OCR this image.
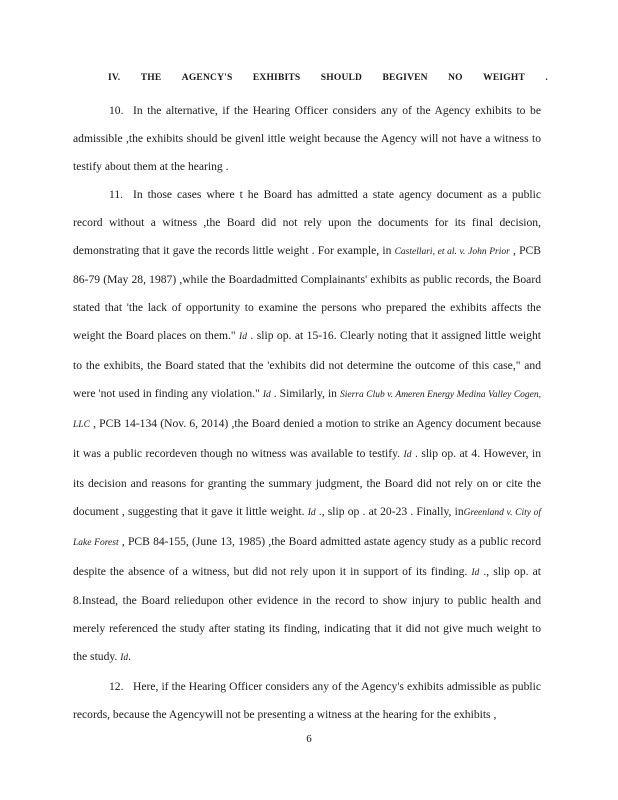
IV. THE AGENCY'S EXHIBITS SHOULD BEGIVEN NO WEIGHT .

10. In the alternative, if the Hearing Officer considers any of the Agency exhibits to be admissible ,the exhibits should be givenl ittle weight because the Agency will not have a witness to testify about them at the hearing .

11. In those cases where t he Board has admitted a state agency document as a public record without a witness ,the Board did not rely upon the documents for its final decision, demonstrating that it gave the records little weight . For example, in Castellari, et al. v. John Prior , PCB 86-79 (May 28, 1987) ,while the Boardadmitted Complainants' exhibits as public records, the Board stated that 'the lack of opportunity to examine the persons who prepared the exhibits affects the weight the Board places on them." Id . slip op. at 15-16. Clearly noting that it assigned little weight to the exhibits, the Board stated that the 'exhibits did not determine the outcome of this case," and were 'not used in finding any violation." Id . Similarly, in Sierra Club v. Ameren Energy Medina Valley Cogen, LLC , PCB 14-134 (Nov. 6, 2014) ,the Board denied a motion to strike an Agency document because it was a public recordeven though no witness was available to testify. Id . slip op. at 4. However, in its decision and reasons for granting the summary judgment, the Board did not rely on or cite the document , suggesting that it gave it little weight. Id ., slip op . at 20-23 . Finally, inGreenland v. City of Lake Forest , PCB 84-155, (June 13, 1985) ,the Board admitted astate agency study as a public record despite the absence of a witness, but did not rely upon it in support of its finding. Id ., slip op. at 8.Instead, the Board reliedupon other evidence in the record to show injury to public health and merely referenced the study after stating its finding, indicating that it did not give much weight to the study. Id.

12. Here, if the Hearing Officer considers any of the Agency's exhibits admissible as public records, because the Agencywill not be presenting a witness at the hearing for the exhibits ,

6
